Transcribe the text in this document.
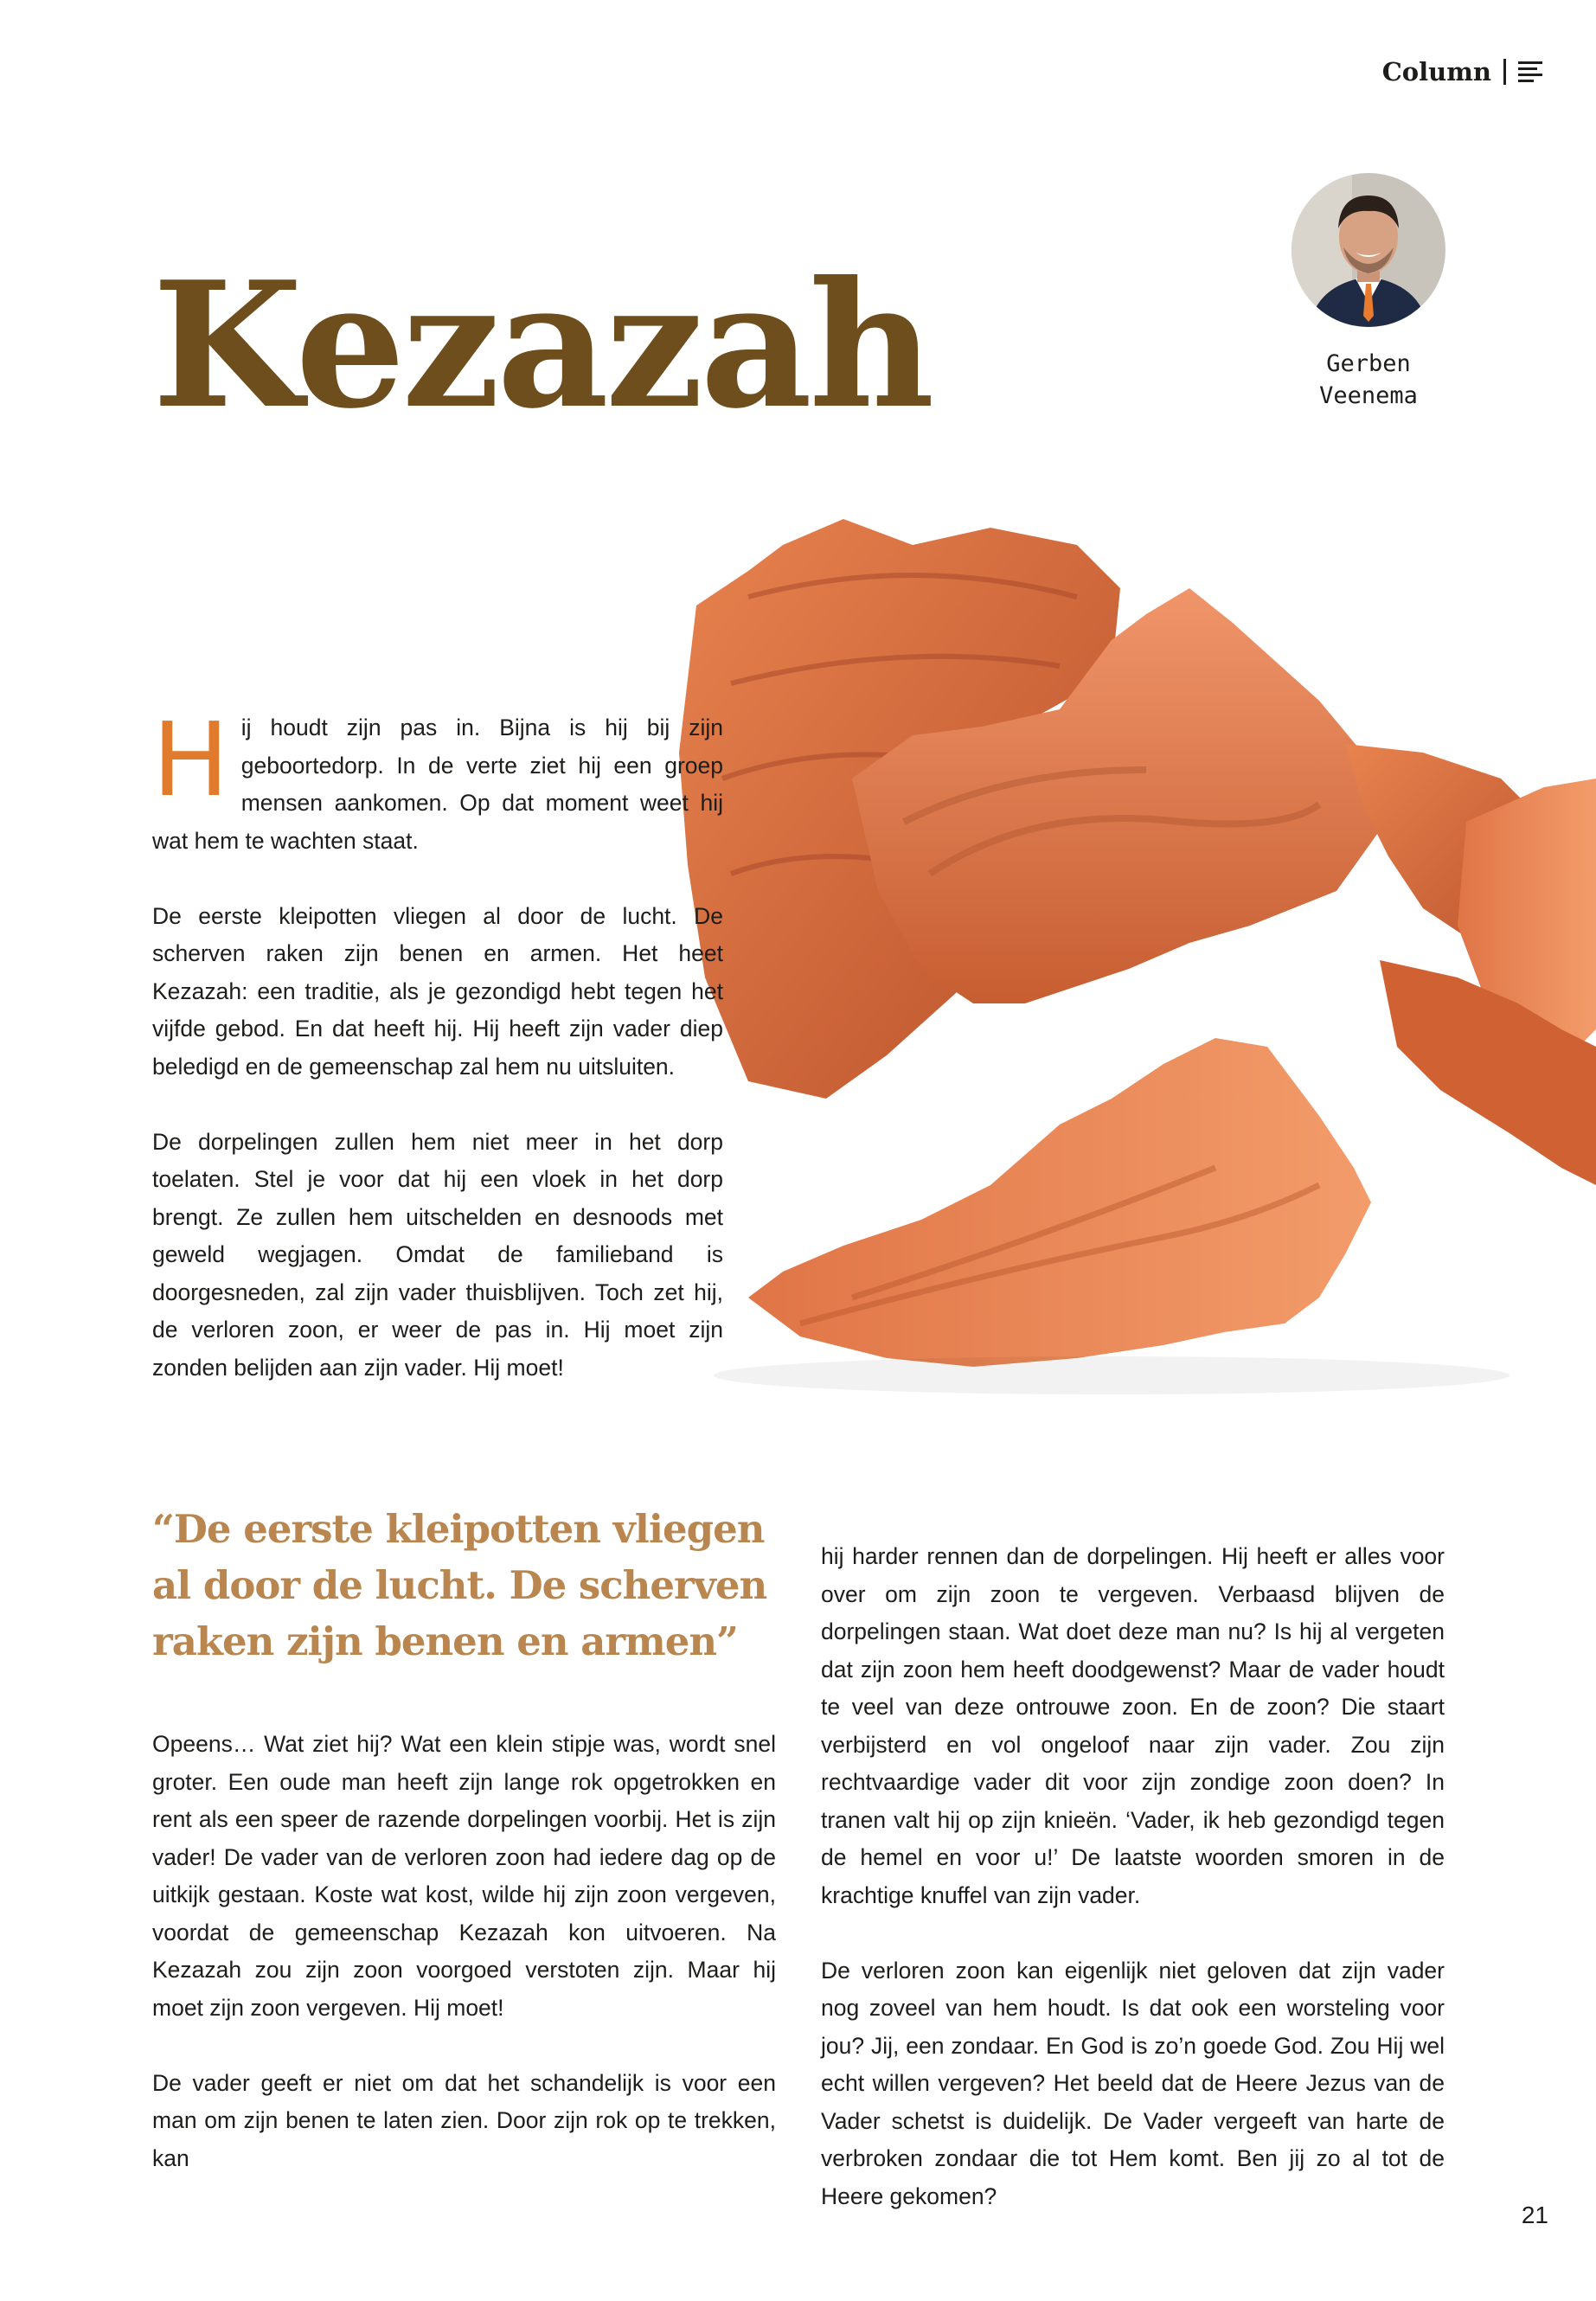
Column
Kezazah	Gerben
Veenema

Hij houdt zijn pas in. Bijna is hij bij zijn geboortedorp. In de verte ziet hij een groep mensen aankomen. Op dat moment weet hij wat hem te wachten staat.

De eerste kleipotten vliegen al door de lucht. De scherven raken zijn benen en armen. Het heet Kezazah: een traditie, als je gezondigd hebt tegen het vijfde gebod. En dat heeft hij. Hij heeft zijn vader diep beledigd en de gemeenschap zal hem nu uitsluiten.

De dorpelingen zullen hem niet meer in het dorp toelaten. Stel je voor dat hij een vloek in het dorp brengt. Ze zullen hem uitschelden en desnoods met geweld wegjagen. Omdat de familieband is doorgesneden, zal zijn vader thuisblijven. Toch zet hij, de verloren zoon, er weer de pas in. Hij moet zijn zonden belijden aan zijn vader. Hij moet!

“De eerste kleipotten vliegen al door de lucht. De scherven raken zijn benen en armen”

Opeens… Wat ziet hij? Wat een klein stipje was, wordt snel groter. Een oude man heeft zijn lange rok opgetrokken en rent als een speer de razende dorpelingen voorbij. Het is zijn vader! De vader van de verloren zoon had iedere dag op de uitkijk gestaan. Koste wat kost, wilde hij zijn zoon vergeven, voordat de gemeenschap Kezazah kon uitvoeren. Na Kezazah zou zijn zoon voorgoed verstoten zijn. Maar hij moet zijn zoon vergeven. Hij moet!

De vader geeft er niet om dat het schandelijk is voor een man om zijn benen te laten zien. Door zijn rok op te trekken, kan

hij harder rennen dan de dorpelingen. Hij heeft er alles voor over om zijn zoon te vergeven. Verbaasd blijven de dorpelingen staan. Wat doet deze man nu? Is hij al vergeten dat zijn zoon hem heeft doodgewenst? Maar de vader houdt te veel van deze ontrouwe zoon. En de zoon? Die staart verbijsterd en vol ongeloof naar zijn vader. Zou zijn rechtvaardige vader dit voor zijn zondige zoon doen? In tranen valt hij op zijn knieën. ‘Vader, ik heb gezondigd tegen de hemel en voor u!’ De laatste woorden smoren in de krachtige knuffel van zijn vader.

De verloren zoon kan eigenlijk niet geloven dat zijn vader nog zoveel van hem houdt. Is dat ook een worsteling voor jou? Jij, een zondaar. En God is zo’n goede God. Zou Hij wel echt willen vergeven? Het beeld dat de Heere Jezus van de Vader schetst is duidelijk. De Vader vergeeft van harte de verbroken zondaar die tot Hem komt. Ben jij zo al tot de Heere gekomen?

21
